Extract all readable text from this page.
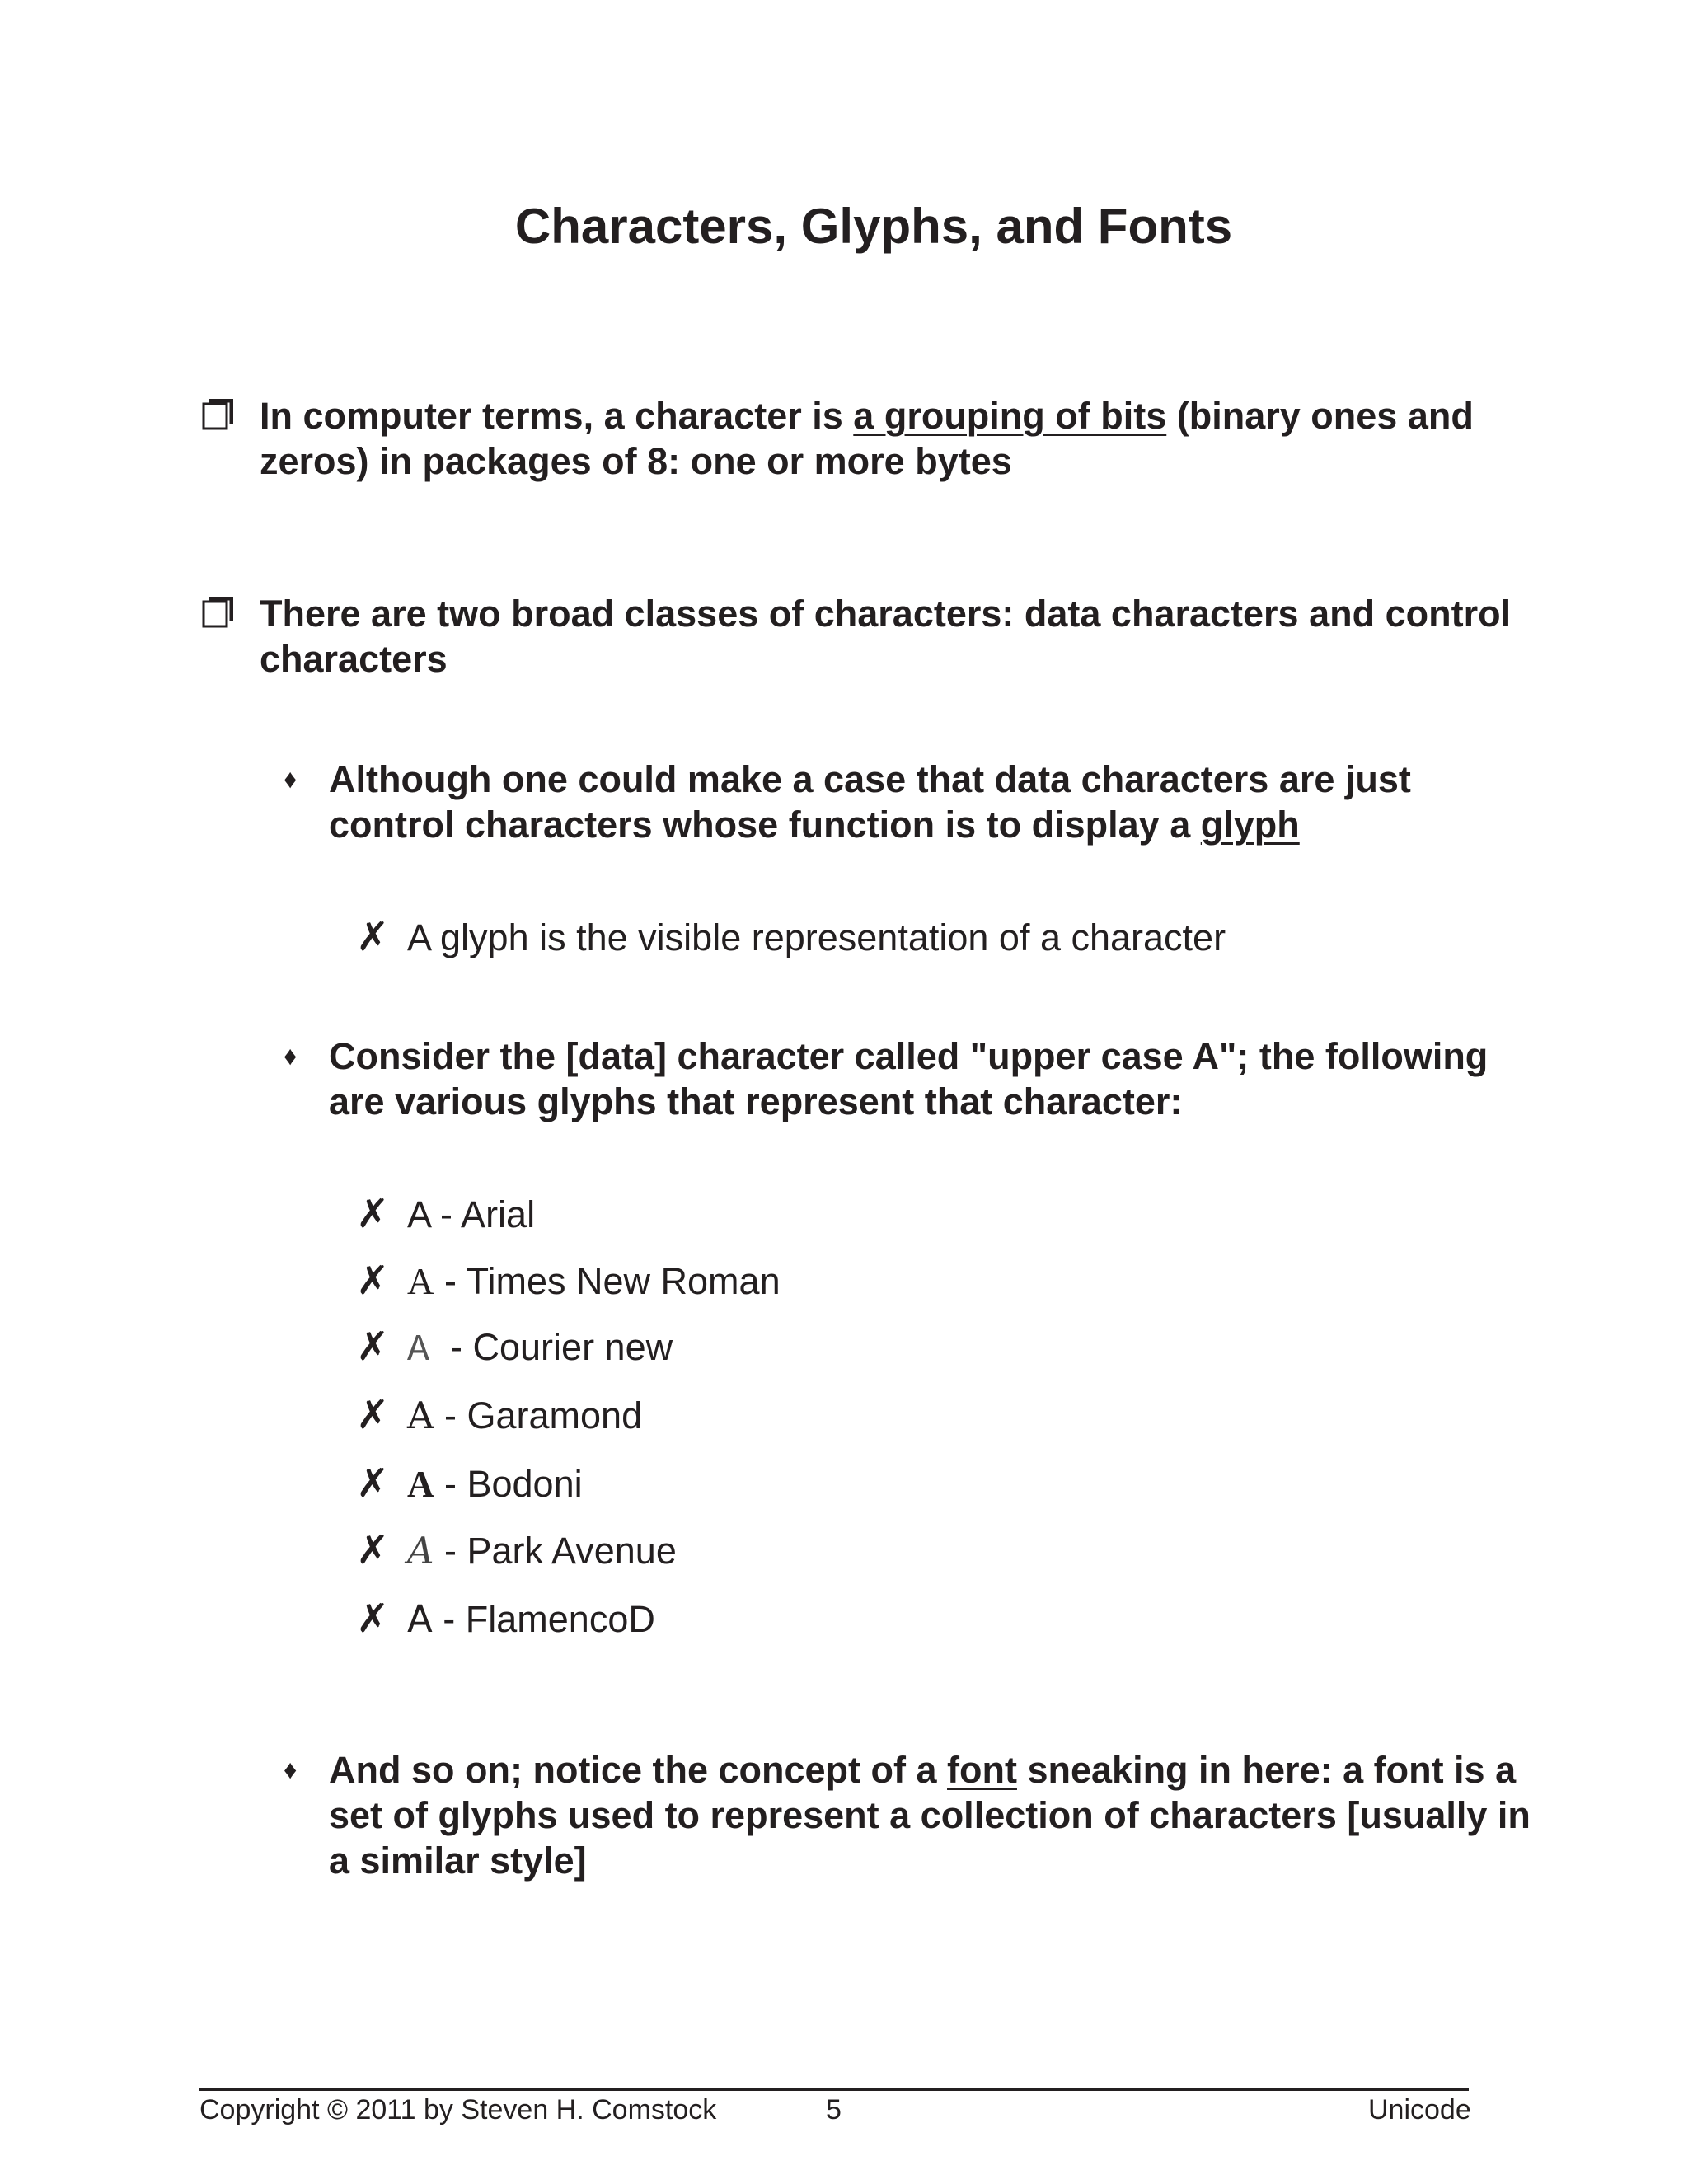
Characters, Glyphs, and Fonts
In computer terms, a character is a grouping of bits (binary ones and zeros) in packages of 8: one or more bytes
There are two broad classes of characters: data characters and control characters
♦ Although one could make a case that data characters are just control characters whose function is to display a glyph
✗ A glyph is the visible representation of a character
♦ Consider the [data] character called "upper case A"; the following are various glyphs that represent that character:
✗ A - Arial
✗ A - Times New Roman
✗ A  - Courier new
✗ A - Garamond
✗ A - Bodoni
✗ A - Park Avenue
✗ A - FlamencoD
♦ And so on; notice the concept of a font sneaking in here: a font is a set of glyphs used to represent a collection of characters [usually in a similar style]
Copyright © 2011 by Steven H. Comstock	5	Unicode
